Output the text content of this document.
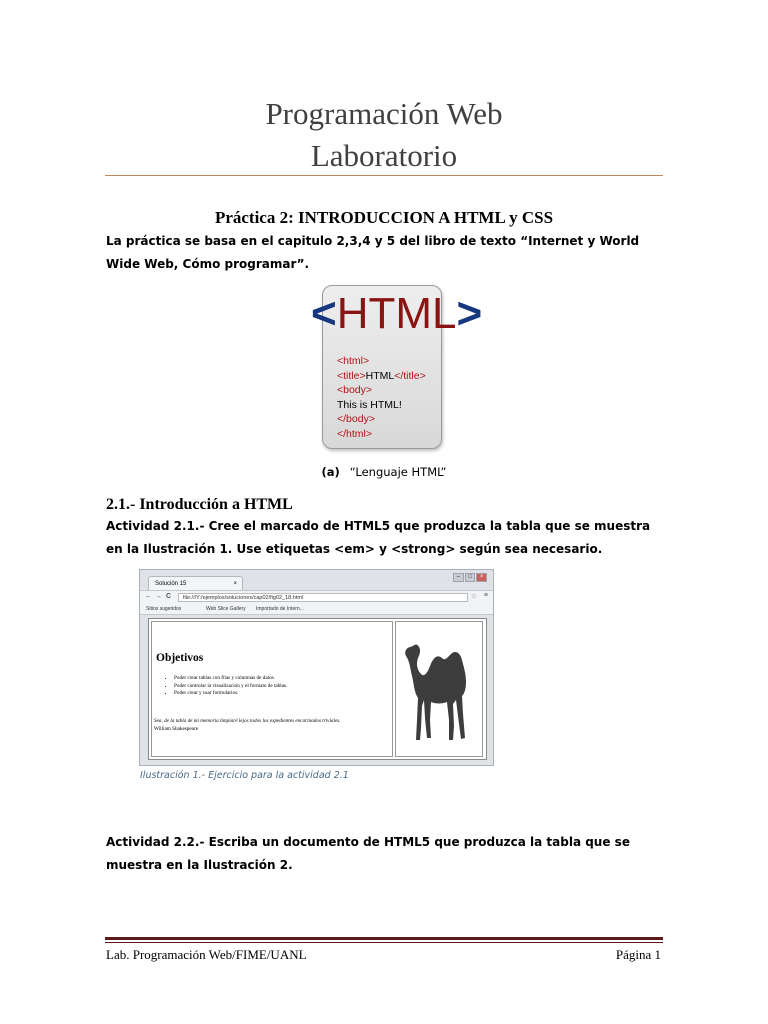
Programación Web
Laboratorio
Práctica 2: INTRODUCCION A HTML y CSS
La práctica se basa en el capitulo 2,3,4 y 5 del libro de texto “Internet y World Wide Web, Cómo programar”.
<HTML>
<html>
<title>HTML</title>
<body>
This is HTML!
</body>
</html>
(a) “Lenguaje HTML”
2.1.- Introducción a HTML
Actividad 2.1.- Cree el marcado de HTML5 que produzca la tabla que se muestra en la Ilustración 1. Use etiquetas <em> y <strong> según sea necesario.
Solución 15	×
–	□	×
← → C	file:///Y:/ejemplos/soluciones/cap02/fig02_18.html	☆ ≡
Sitios sugeridos	Web Slice Gallery Importado de Intern...
Objetivos
• Poder crear tablas con filas y columnas de datos.
• Poder controlar la visualización y el formato de tablas.
• Poder crear y usar formularios.
Sea, de la tabla de mi memoria limpiaré lejos todos los expedientes encarinados triviales.
William Shakespeare
Ilustración 1.- Ejercicio para la actividad 2.1
Actividad 2.2.- Escriba un documento de HTML5 que produzca la tabla que se muestra en la Ilustración 2.
Lab. Programación Web/FIME/UANL	Página 1
